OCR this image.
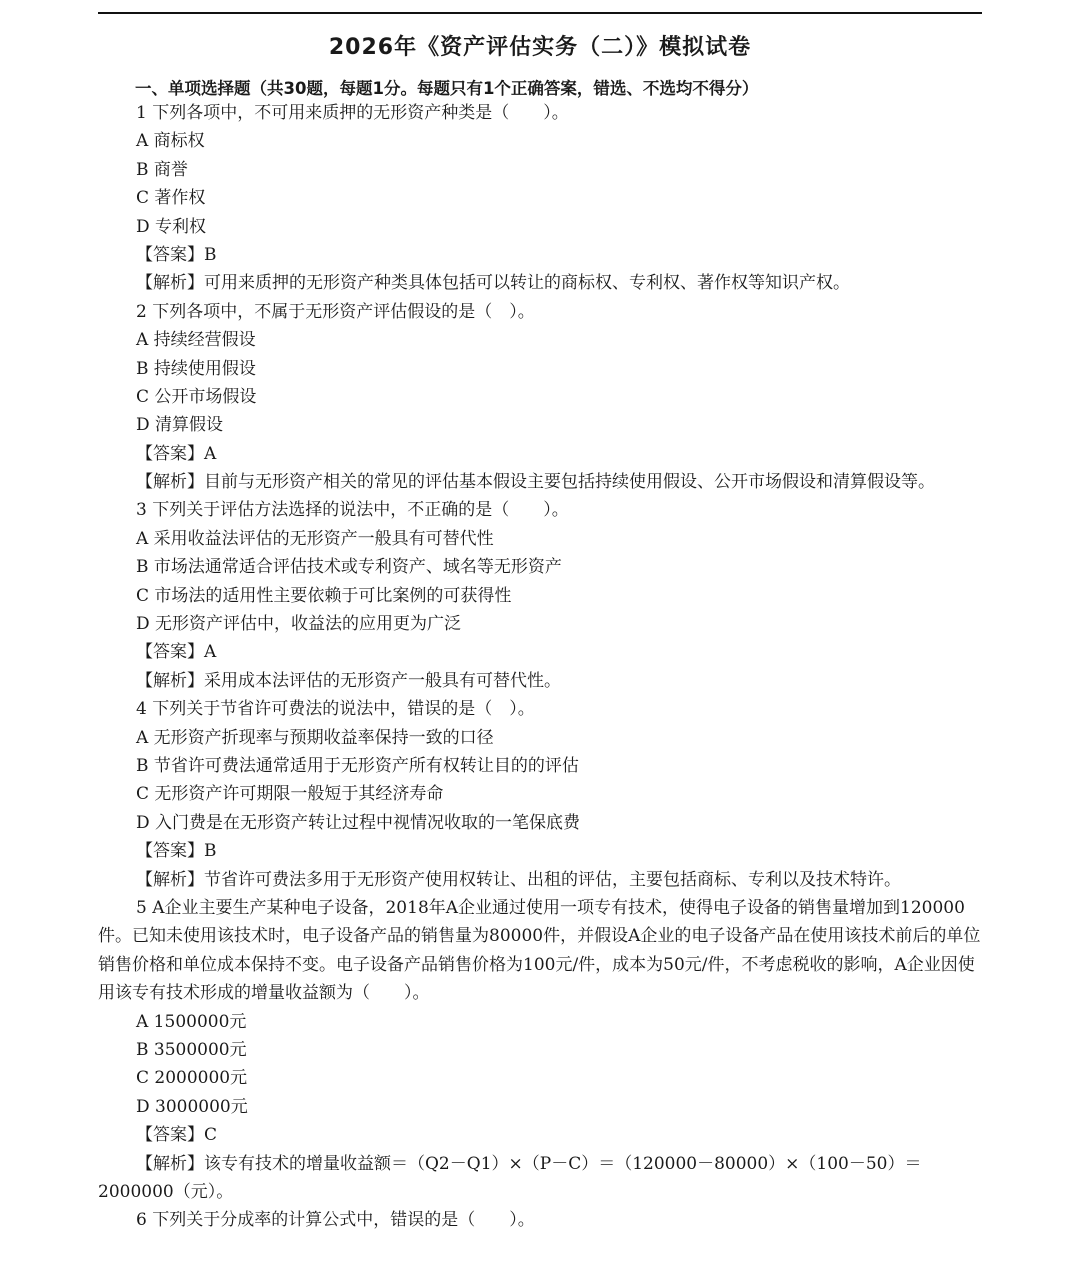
2026年《资产评估实务（二）》模拟试卷
一、单项选择题（共30题，每题1分。每题只有1个正确答案，错选、不选均不得分）
1 下列各项中，不可用来质押的无形资产种类是（　　）。
A 商标权
B 商誉
C 著作权
D 专利权
【答案】B
【解析】可用来质押的无形资产种类具体包括可以转让的商标权、专利权、著作权等知识产权。
2 下列各项中，不属于无形资产评估假设的是（　）。
A 持续经营假设
B 持续使用假设
C 公开市场假设
D 清算假设
【答案】A
【解析】目前与无形资产相关的常见的评估基本假设主要包括持续使用假设、公开市场假设和清算假设等。
3 下列关于评估方法选择的说法中，不正确的是（　　）。
A 采用收益法评估的无形资产一般具有可替代性
B 市场法通常适合评估技术或专利资产、域名等无形资产
C 市场法的适用性主要依赖于可比案例的可获得性
D 无形资产评估中，收益法的应用更为广泛
【答案】A
【解析】采用成本法评估的无形资产一般具有可替代性。
4 下列关于节省许可费法的说法中，错误的是（　）。
A 无形资产折现率与预期收益率保持一致的口径
B 节省许可费法通常适用于无形资产所有权转让目的的评估
C 无形资产许可期限一般短于其经济寿命
D 入门费是在无形资产转让过程中视情况收取的一笔保底费
【答案】B
【解析】节省许可费法多用于无形资产使用权转让、出租的评估，主要包括商标、专利以及技术特许。
5 A企业主要生产某种电子设备，2018年A企业通过使用一项专有技术，使得电子设备的销售量增加到120000件。已知未使用该技术时，电子设备产品的销售量为80000件，并假设A企业的电子设备产品在使用该技术前后的单位销售价格和单位成本保持不变。电子设备产品销售价格为100元/件，成本为50元/件，不考虑税收的影响，A企业因使用该专有技术形成的增量收益额为（　　）。
A 1500000元
B 3500000元
C 2000000元
D 3000000元
【答案】C
【解析】该专有技术的增量收益额＝（Q2－Q1）×（P－C）＝（120000－80000）×（100－50）＝2000000（元）。
6 下列关于分成率的计算公式中，错误的是（　　）。
